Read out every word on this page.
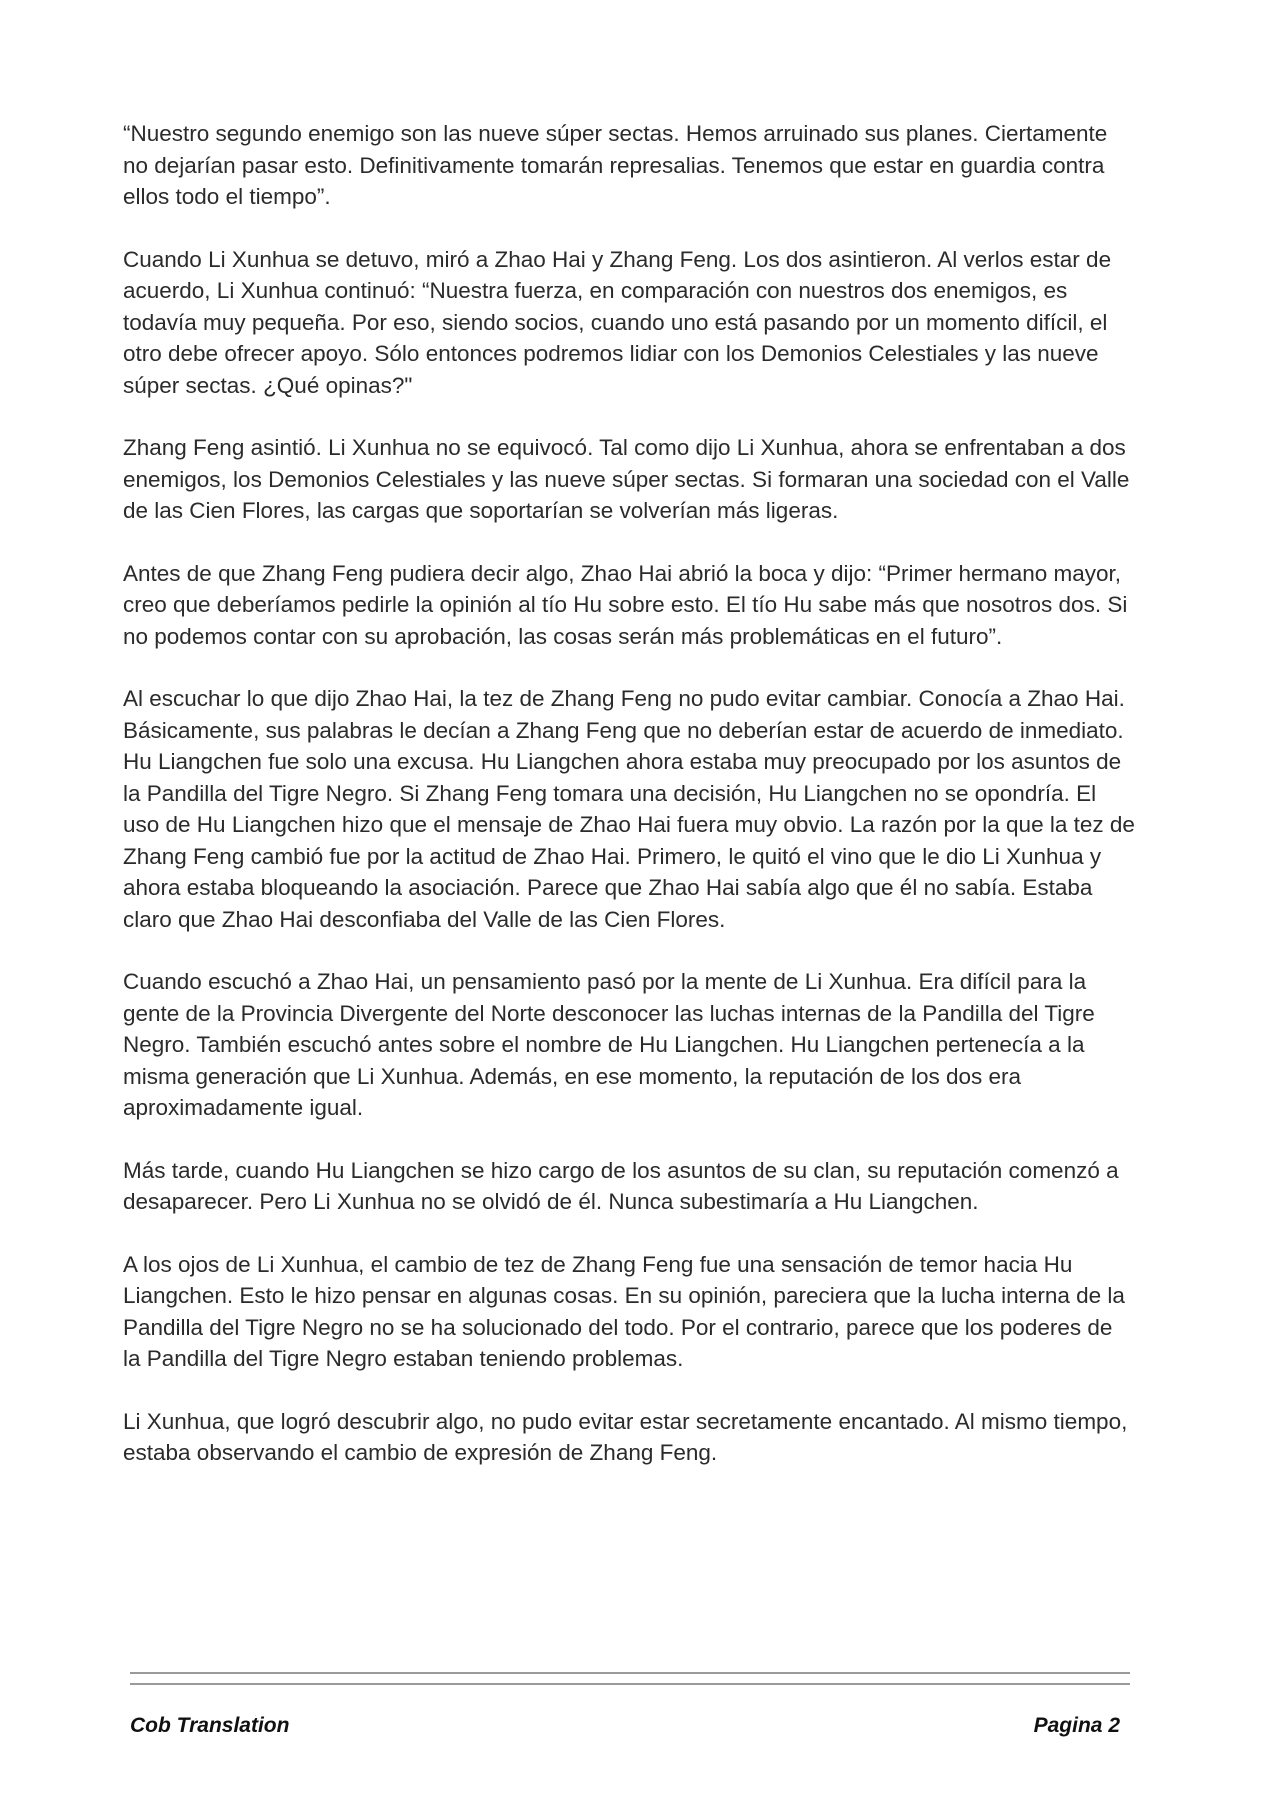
“Nuestro segundo enemigo son las nueve súper sectas. Hemos arruinado sus planes. Ciertamente no dejarían pasar esto. Definitivamente tomarán represalias. Tenemos que estar en guardia contra ellos todo el tiempo”.

Cuando Li Xunhua se detuvo, miró a Zhao Hai y Zhang Feng. Los dos asintieron. Al verlos estar de acuerdo, Li Xunhua continuó: “Nuestra fuerza, en comparación con nuestros dos enemigos, es todavía muy pequeña. Por eso, siendo socios, cuando uno está pasando por un momento difícil, el otro debe ofrecer apoyo. Sólo entonces podremos lidiar con los Demonios Celestiales y las nueve súper sectas. ¿Qué opinas?"

Zhang Feng asintió. Li Xunhua no se equivocó. Tal como dijo Li Xunhua, ahora se enfrentaban a dos enemigos, los Demonios Celestiales y las nueve súper sectas. Si formaran una sociedad con el Valle de las Cien Flores, las cargas que soportarían se volverían más ligeras.

Antes de que Zhang Feng pudiera decir algo, Zhao Hai abrió la boca y dijo: “Primer hermano mayor, creo que deberíamos pedirle la opinión al tío Hu sobre esto. El tío Hu sabe más que nosotros dos. Si no podemos contar con su aprobación, las cosas serán más problemáticas en el futuro”.

Al escuchar lo que dijo Zhao Hai, la tez de Zhang Feng no pudo evitar cambiar. Conocía a Zhao Hai. Básicamente, sus palabras le decían a Zhang Feng que no deberían estar de acuerdo de inmediato. Hu Liangchen fue solo una excusa. Hu Liangchen ahora estaba muy preocupado por los asuntos de la Pandilla del Tigre Negro. Si Zhang Feng tomara una decisión, Hu Liangchen no se opondría. El uso de Hu Liangchen hizo que el mensaje de Zhao Hai fuera muy obvio. La razón por la que la tez de Zhang Feng cambió fue por la actitud de Zhao Hai. Primero, le quitó el vino que le dio Li Xunhua y ahora estaba bloqueando la asociación. Parece que Zhao Hai sabía algo que él no sabía. Estaba claro que Zhao Hai desconfiaba del Valle de las Cien Flores.

Cuando escuchó a Zhao Hai, un pensamiento pasó por la mente de Li Xunhua. Era difícil para la gente de la Provincia Divergente del Norte desconocer las luchas internas de la Pandilla del Tigre Negro. También escuchó antes sobre el nombre de Hu Liangchen. Hu Liangchen pertenecía a la misma generación que Li Xunhua. Además, en ese momento, la reputación de los dos era aproximadamente igual.

Más tarde, cuando Hu Liangchen se hizo cargo de los asuntos de su clan, su reputación comenzó a desaparecer. Pero Li Xunhua no se olvidó de él. Nunca subestimaría a Hu Liangchen.

A los ojos de Li Xunhua, el cambio de tez de Zhang Feng fue una sensación de temor hacia Hu Liangchen. Esto le hizo pensar en algunas cosas. En su opinión, pareciera que la lucha interna de la Pandilla del Tigre Negro no se ha solucionado del todo. Por el contrario, parece que los poderes de la Pandilla del Tigre Negro estaban teniendo problemas.

Li Xunhua, que logró descubrir algo, no pudo evitar estar secretamente encantado. Al mismo tiempo, estaba observando el cambio de expresión de Zhang Feng.

Cob Translation	Pagina 2
